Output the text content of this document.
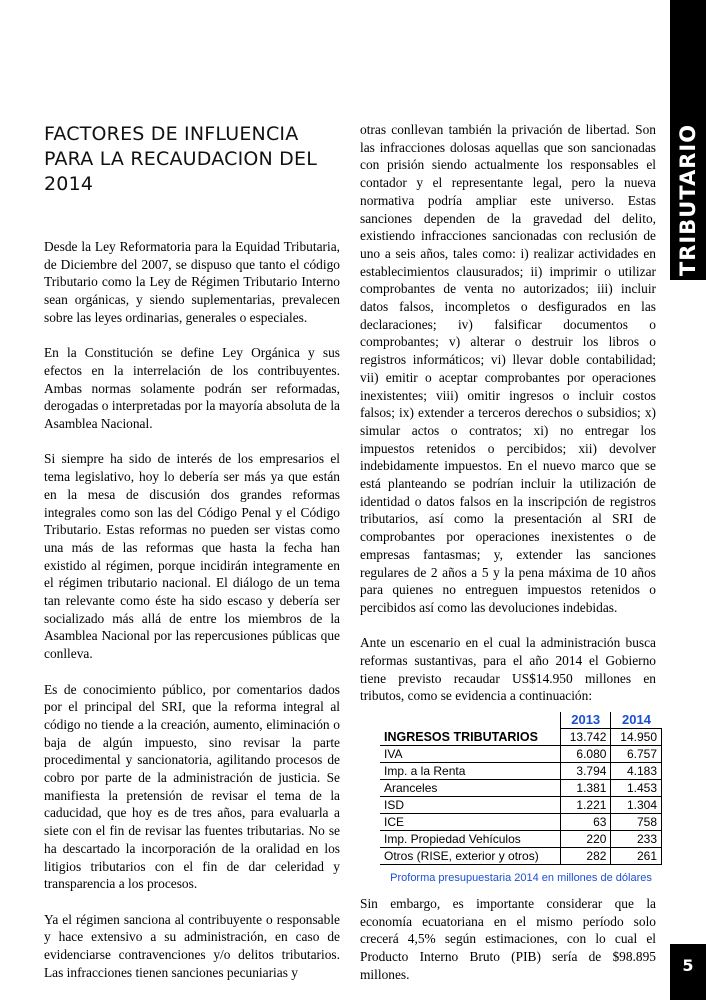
TRIBUTARIO
FACTORES DE INFLUENCIA
PARA LA RECAUDACION DEL
2014

Desde la Ley Reformatoria para la Equidad Tributaria, de Diciembre del 2007, se dispuso que tanto el código Tributario como la Ley de Régimen Tributario Interno sean orgánicas, y siendo suplementarias, prevalecen sobre las leyes ordinarias, generales o especiales.

En la Constitución se define Ley Orgánica y sus efectos en la interrelación de los contribuyentes. Ambas normas solamente podrán ser reformadas, derogadas o interpretadas por la mayoría absoluta de la Asamblea Nacional.

Si siempre ha sido de interés de los empresarios el tema legislativo, hoy lo debería ser más ya que están en la mesa de discusión dos grandes reformas integrales como son las del Código Penal y el Código Tributario. Estas reformas no pueden ser vistas como una más de las reformas que hasta la fecha han existido al régimen, porque incidirán integramente en el régimen tributario nacional. El diálogo de un tema tan relevante como éste ha sido escaso y debería ser socializado más allá de entre los miembros de la Asamblea Nacional por las repercusiones públicas que conlleva.

Es de conocimiento público, por comentarios dados por el principal del SRI, que la reforma integral al código no tiende a la creación, aumento, eliminación o baja de algún impuesto, sino revisar la parte procedimental y sancionatoria, agilitando procesos de cobro por parte de la administración de justicia. Se manifiesta la pretensión de revisar el tema de la caducidad, que hoy es de tres años, para evaluarla a siete con el fin de revisar las fuentes tributarias. No se ha descartado la incorporación de la oralidad en los litigios tributarios con el fin de dar celeridad y transparencia a los procesos.

Ya el régimen sanciona al contribuyente o responsable y hace extensivo a su administración, en caso de evidenciarse contravenciones y/o delitos tributarios. Las infracciones tienen sanciones pecuniarias y

otras conllevan también la privación de libertad. Son las infracciones dolosas aquellas que son sancionadas con prisión siendo actualmente los responsables el contador y el representante legal, pero la nueva normativa podría ampliar este universo. Estas sanciones dependen de la gravedad del delito, existiendo infracciones sancionadas con reclusión de uno a seis años, tales como: i) realizar actividades en establecimientos clausurados; ii) imprimir o utilizar comprobantes de venta no autorizados; iii) incluir datos falsos, incompletos o desfigurados en las declaraciones; iv) falsificar documentos o comprobantes; v) alterar o destruir los libros o registros informáticos; vi) llevar doble contabilidad; vii) emitir o aceptar comprobantes por operaciones inexistentes; viii) omitir ingresos o incluir costos falsos; ix) extender a terceros derechos o subsidios; x) simular actos o contratos; xi) no entregar los impuestos retenidos o percibidos; xii) devolver indebidamente impuestos. En el nuevo marco que se está planteando se podrían incluir la utilización de identidad o datos falsos en la inscripción de registros tributarios, así como la presentación al SRI de comprobantes por operaciones inexistentes o de empresas fantasmas; y, extender las sanciones regulares de 2 años a 5 y la pena máxima de 10 años para quienes no entreguen impuestos retenidos o percibidos así como las devoluciones indebidas.

Ante un escenario en el cual la administración busca reformas sustantivas, para el año 2014 el Gobierno tiene previsto recaudar US$14.950 millones en tributos, como se evidencia a continuación:

	2013	2014
INGRESOS TRIBUTARIOS	13.742	14.950
IVA	6.080	6.757
Imp. a la Renta	3.794	4.183
Aranceles	1.381	1.453
ISD	1.221	1.304
ICE	63	758
Imp. Propiedad Vehículos	220	233
Otros (RISE, exterior y otros)	282	261
Proforma presupuestaria 2014 en millones de dólares

Sin embargo, es importante considerar que la economía ecuatoriana en el mismo período solo crecerá 4,5% según estimaciones, con lo cual el Producto Interno Bruto (PIB) sería de $98.895 millones.	5
